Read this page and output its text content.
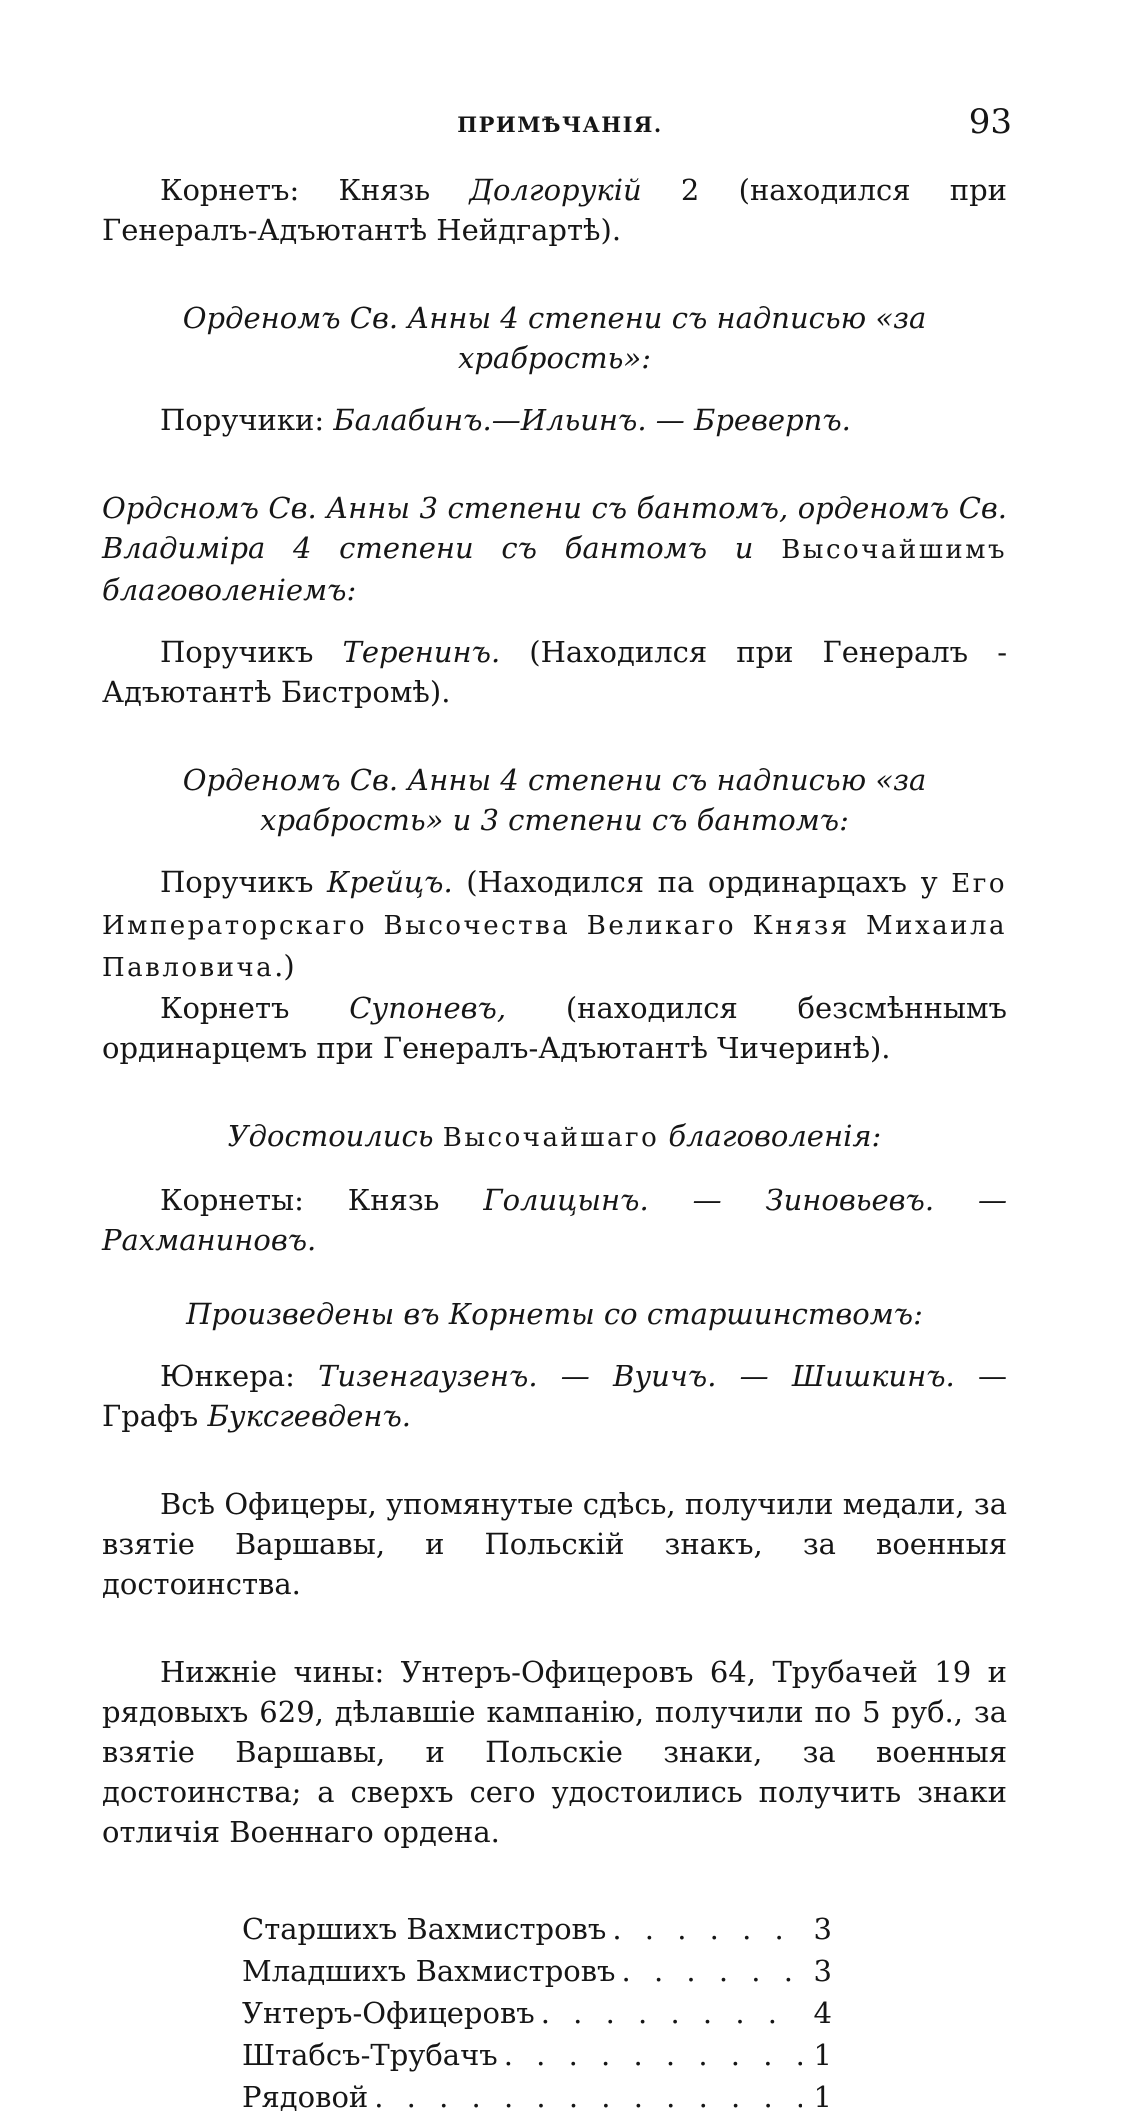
ПРИМѢЧАНІЯ.	93

Корнетъ: Князь Долгорукій 2 (находился при Генералъ-Адъютантѣ Нейдгартѣ).

Орденомъ Св. Анны 4 степени съ надписью «за храбрость»:

Поручики: Балабинъ.—Ильинъ. — Бреверпъ.

Ордсномъ Св. Анны 3 степени съ бантомъ, орденомъ Св. Владиміра 4 степени съ бантомъ и Высочайшимъ благоволеніемъ:

Поручикъ Теренинъ. (Находился при Генералъ - Адъютантѣ Бистромѣ).

Орденомъ Св. Анны 4 степени съ надписью «за храбрость» и 3 степени съ бантомъ:

Поручикъ Крейцъ. (Находился па ординарцахъ у Его Императорскаго Высочества Великаго Князя Михаила Павловича.)

Корнетъ Супоневъ, (находился безсмѣннымъ ординарцемъ при Генералъ-Адъютантѣ Чичеринѣ).

Удостоились Высочайшаго благоволенія:

Корнеты: Князь Голицынъ. — Зиновьевъ. — Рахманиновъ.

Произведены въ Корнеты со старшинствомъ:

Юнкера: Тизенгаузенъ. — Вуичъ. — Шишкинъ. — Графъ Буксгевденъ.

Всѣ Офицеры, упомянутые сдѣсь, получили медали, за взятіе Варшавы, и Польскій знакъ, за военныя достоинства.

Нижніе чины: Унтеръ-Офицеровъ 64, Трубачей 19 и рядовыхъ 629, дѣлавшіе кампанію, получили по 5 руб., за взятіе Варшавы, и Польскіе знаки, за военныя достоинства; а сверхъ сего удостоились получить знаки отличія Военнаго ордена.

Старшихъ Вахмистровъ . . .	3
Младшихъ Вахмистровъ . . .	3
Унтеръ-Офицеровъ . . .	4
Штабсъ-Трубачъ . . .	1
Рядовой . . .	1
